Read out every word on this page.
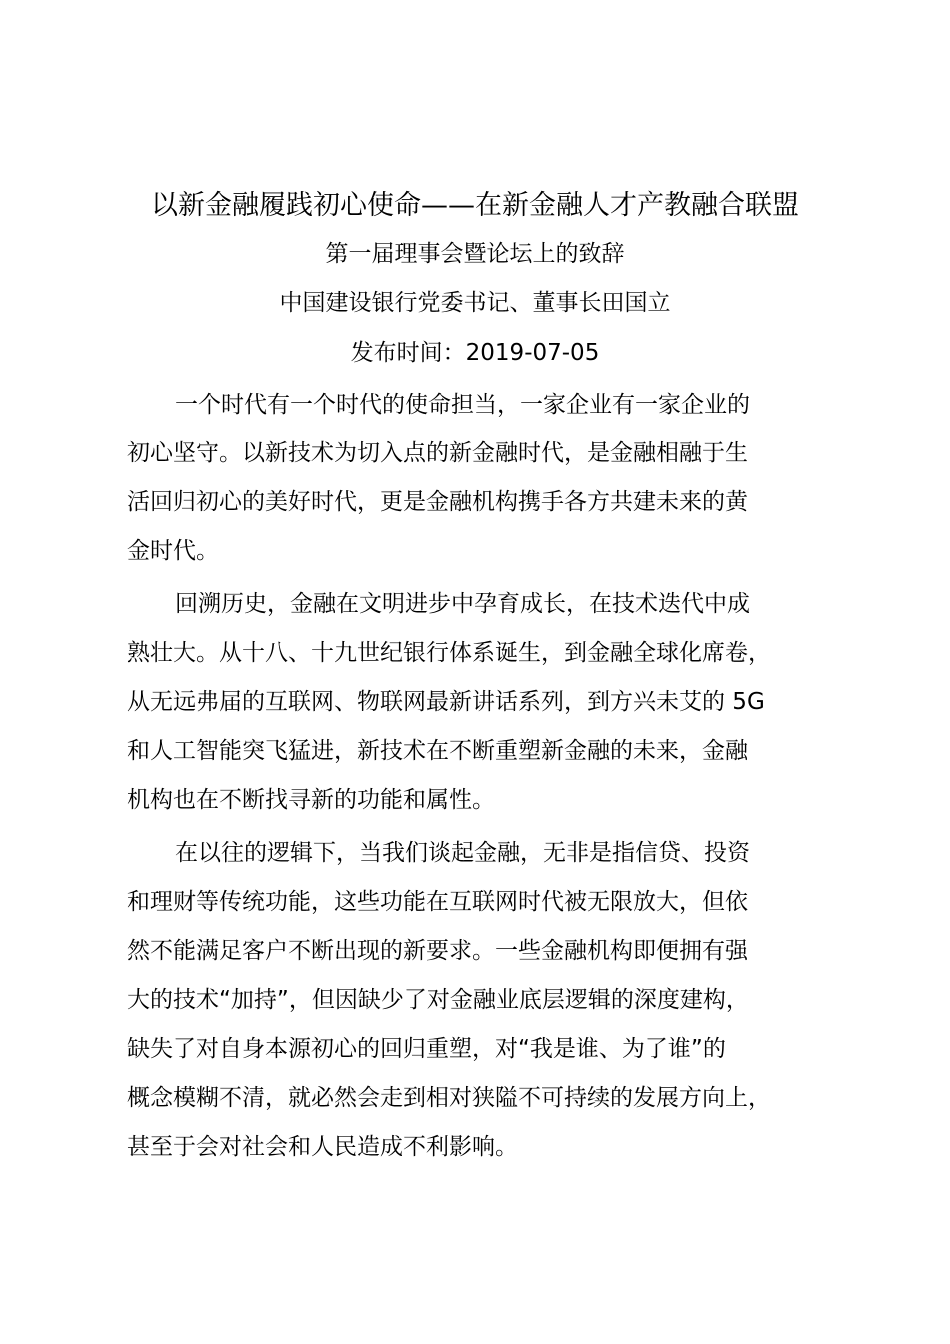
以新金融履践初心使命——在新金融人才产教融合联盟
第一届理事会暨论坛上的致辞
中国建设银行党委书记、董事长田国立
发布时间：2019-07-05
一个时代有一个时代的使命担当，一家企业有一家企业的
初心坚守。以新技术为切入点的新金融时代，是金融相融于生
活回归初心的美好时代，更是金融机构携手各方共建未来的黄
金时代。
回溯历史，金融在文明进步中孕育成长，在技术迭代中成
熟壮大。从十八、十九世纪银行体系诞生，到金融全球化席卷，
从无远弗届的互联网、物联网最新讲话系列，到方兴未艾的 5G
和人工智能突飞猛进，新技术在不断重塑新金融的未来，金融
机构也在不断找寻新的功能和属性。
在以往的逻辑下，当我们谈起金融，无非是指信贷、投资
和理财等传统功能，这些功能在互联网时代被无限放大，但依
然不能满足客户不断出现的新要求。一些金融机构即便拥有强
大的技术“加持”，但因缺少了对金融业底层逻辑的深度建构，
缺失了对自身本源初心的回归重塑，对“我是谁、为了谁”的
概念模糊不清，就必然会走到相对狭隘不可持续的发展方向上，
甚至于会对社会和人民造成不利影响。
